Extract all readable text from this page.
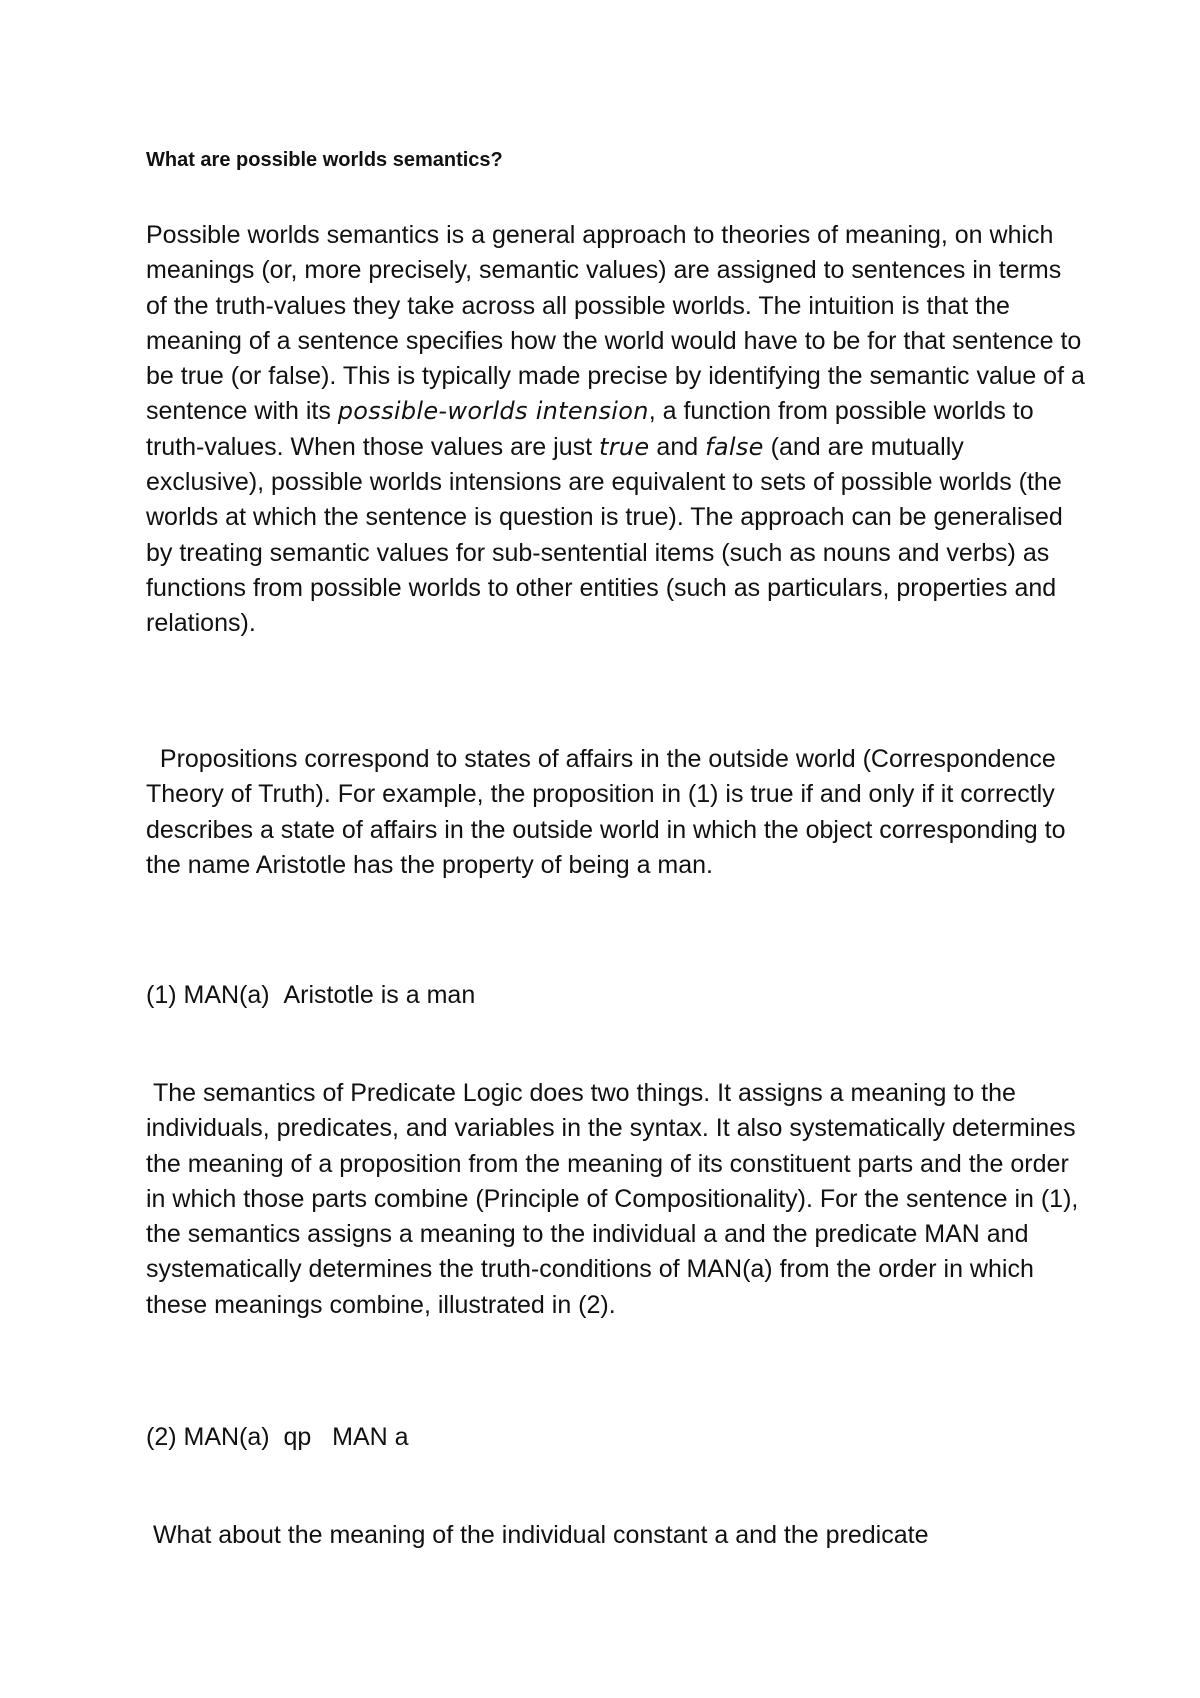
What are possible worlds semantics?

Possible worlds semantics is a general approach to theories of meaning, on which meanings (or, more precisely, semantic values) are assigned to sentences in terms of the truth-values they take across all possible worlds. The intuition is that the meaning of a sentence specifies how the world would have to be for that sentence to be true (or false). This is typically made precise by identifying the semantic value of a sentence with its possible-worlds intension, a function from possible worlds to truth-values. When those values are just true and false (and are mutually exclusive), possible worlds intensions are equivalent to sets of possible worlds (the worlds at which the sentence is question is true). The approach can be generalised by treating semantic values for sub-sentential items (such as nouns and verbs) as functions from possible worlds to other entities (such as particulars, properties and relations).

Propositions correspond to states of affairs in the outside world (Correspondence Theory of Truth). For example, the proposition in (1) is true if and only if it correctly describes a state of affairs in the outside world in which the object corresponding to the name Aristotle has the property of being a man.

(1) MAN(a)  Aristotle is a man

The semantics of Predicate Logic does two things. It assigns a meaning to the individuals, predicates, and variables in the syntax. It also systematically determines the meaning of a proposition from the meaning of its constituent parts and the order in which those parts combine (Principle of Compositionality). For the sentence in (1), the semantics assigns a meaning to the individual a and the predicate MAN and systematically determines the truth-conditions of MAN(a) from the order in which these meanings combine, illustrated in (2).

(2) MAN(a)  qp   MAN a

What about the meaning of the individual constant a and the predicate
